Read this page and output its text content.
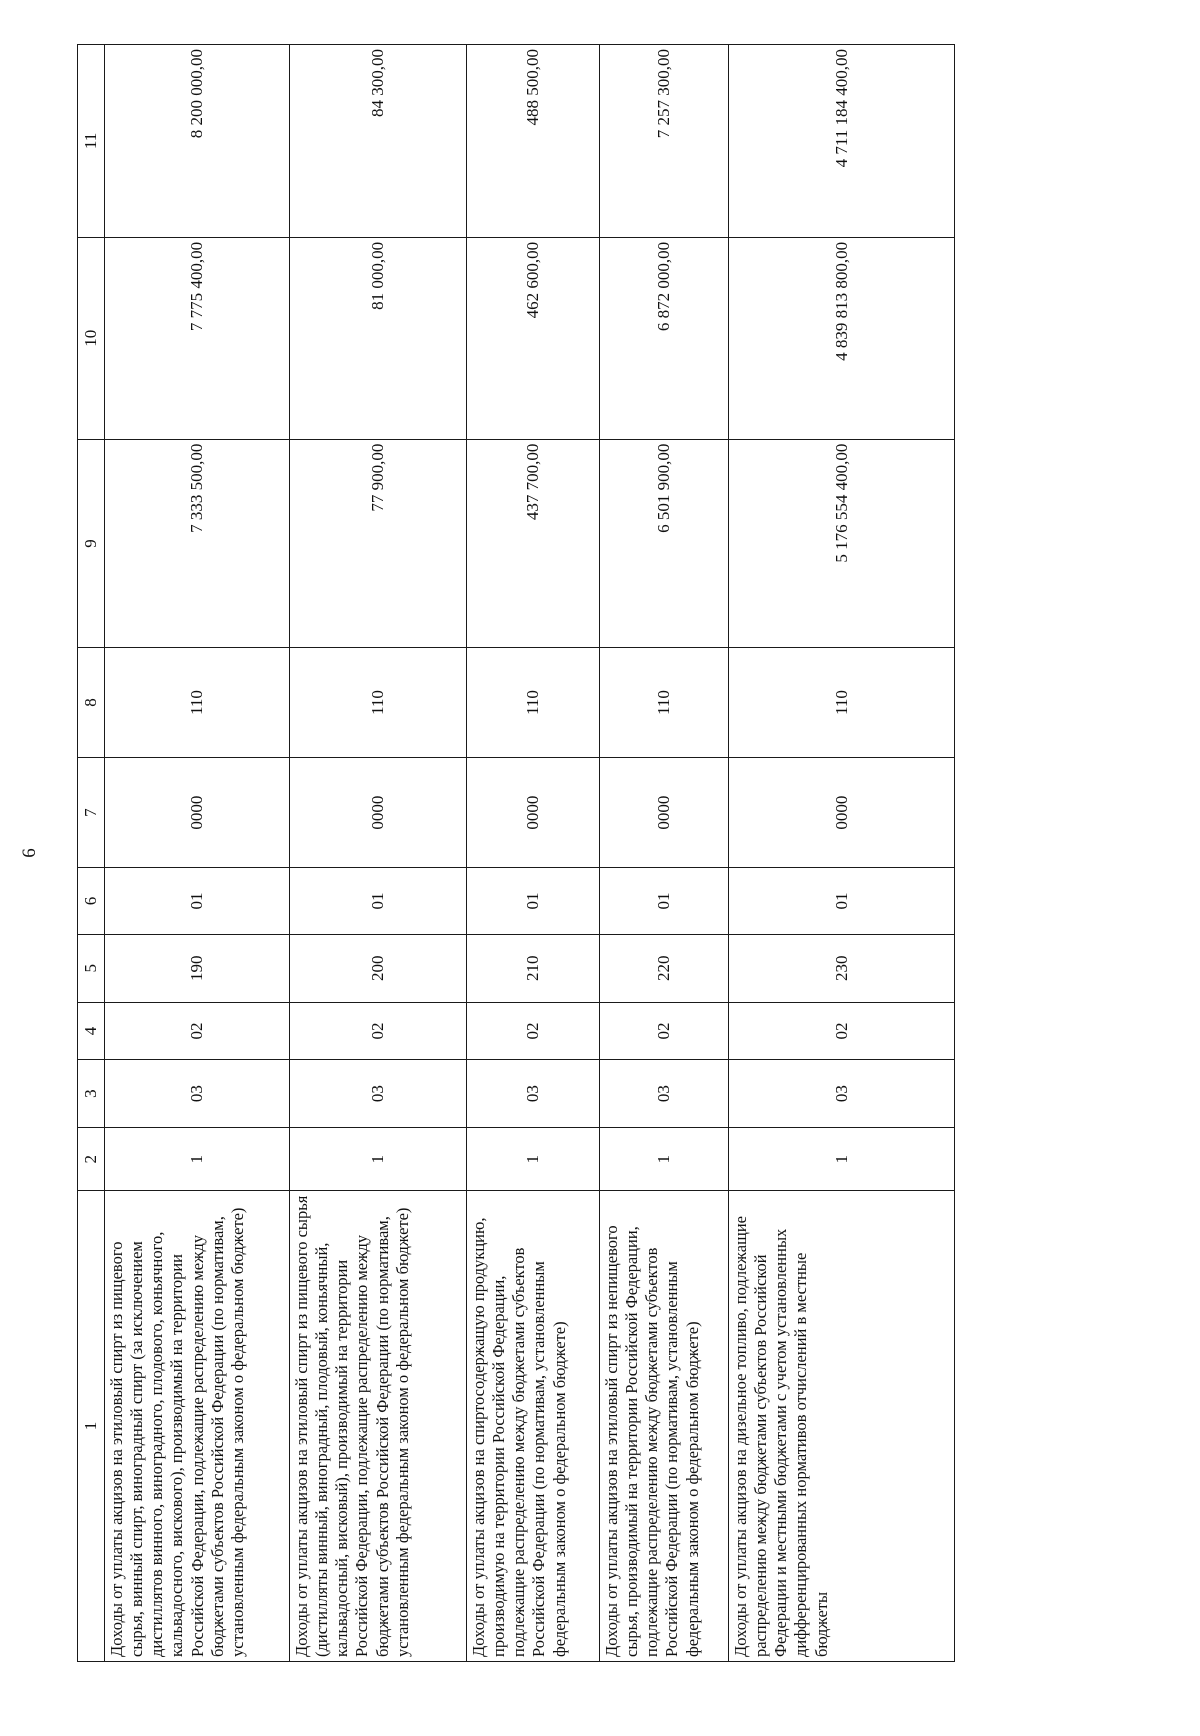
6
1	2	3	4	5	6	7	8	9	10	11
Доходы от уплаты акцизов на этиловый спирт из пищевого сырья, винный спирт, виноградный спирт (за исключением дистиллятов винного, виноградного, плодового, коньячного, кальвадосного, вискового), производимый на территории Российской Федерации, подлежащие распределению между бюджетами субъектов Российской Федерации (по нормативам, установленным федеральным законом о федеральном бюджете)	1	03	02	190	01	0000	110	7 333 500,00	7 775 400,00	8 200 000,00
Доходы от уплаты акцизов на этиловый спирт из пищевого сырья (дистилляты винный, виноградный, плодовый, коньячный, кальвадосный, висковый), производимый на территории Российской Федерации, подлежащие распределению между бюджетами субъектов Российской Федерации (по нормативам, установленным федеральным законом о федеральном бюджете)	1	03	02	200	01	0000	110	77 900,00	81 000,00	84 300,00
Доходы от уплаты акцизов на спиртосодержащую продукцию, производимую на территории Российской Федерации, подлежащие распределению между бюджетами субъектов Российской Федерации (по нормативам, установленным федеральным законом о федеральном бюджете)	1	03	02	210	01	0000	110	437 700,00	462 600,00	488 500,00
Доходы от уплаты акцизов на этиловый спирт из непищевого сырья, производимый на территории Российской Федерации, подлежащие распределению между бюджетами субъектов Российской Федерации (по нормативам, установленным федеральным законом о федеральном бюджете)	1	03	02	220	01	0000	110	6 501 900,00	6 872 000,00	7 257 300,00
Доходы от уплаты акцизов на дизельное топливо, подлежащие распределению между бюджетами субъектов Российской Федерации и местными бюджетами с учетом установленных дифференцированных нормативов отчислений в местные бюджеты	1	03	02	230	01	0000	110	5 176 554 400,00	4 839 813 800,00	4 711 184 400,00
